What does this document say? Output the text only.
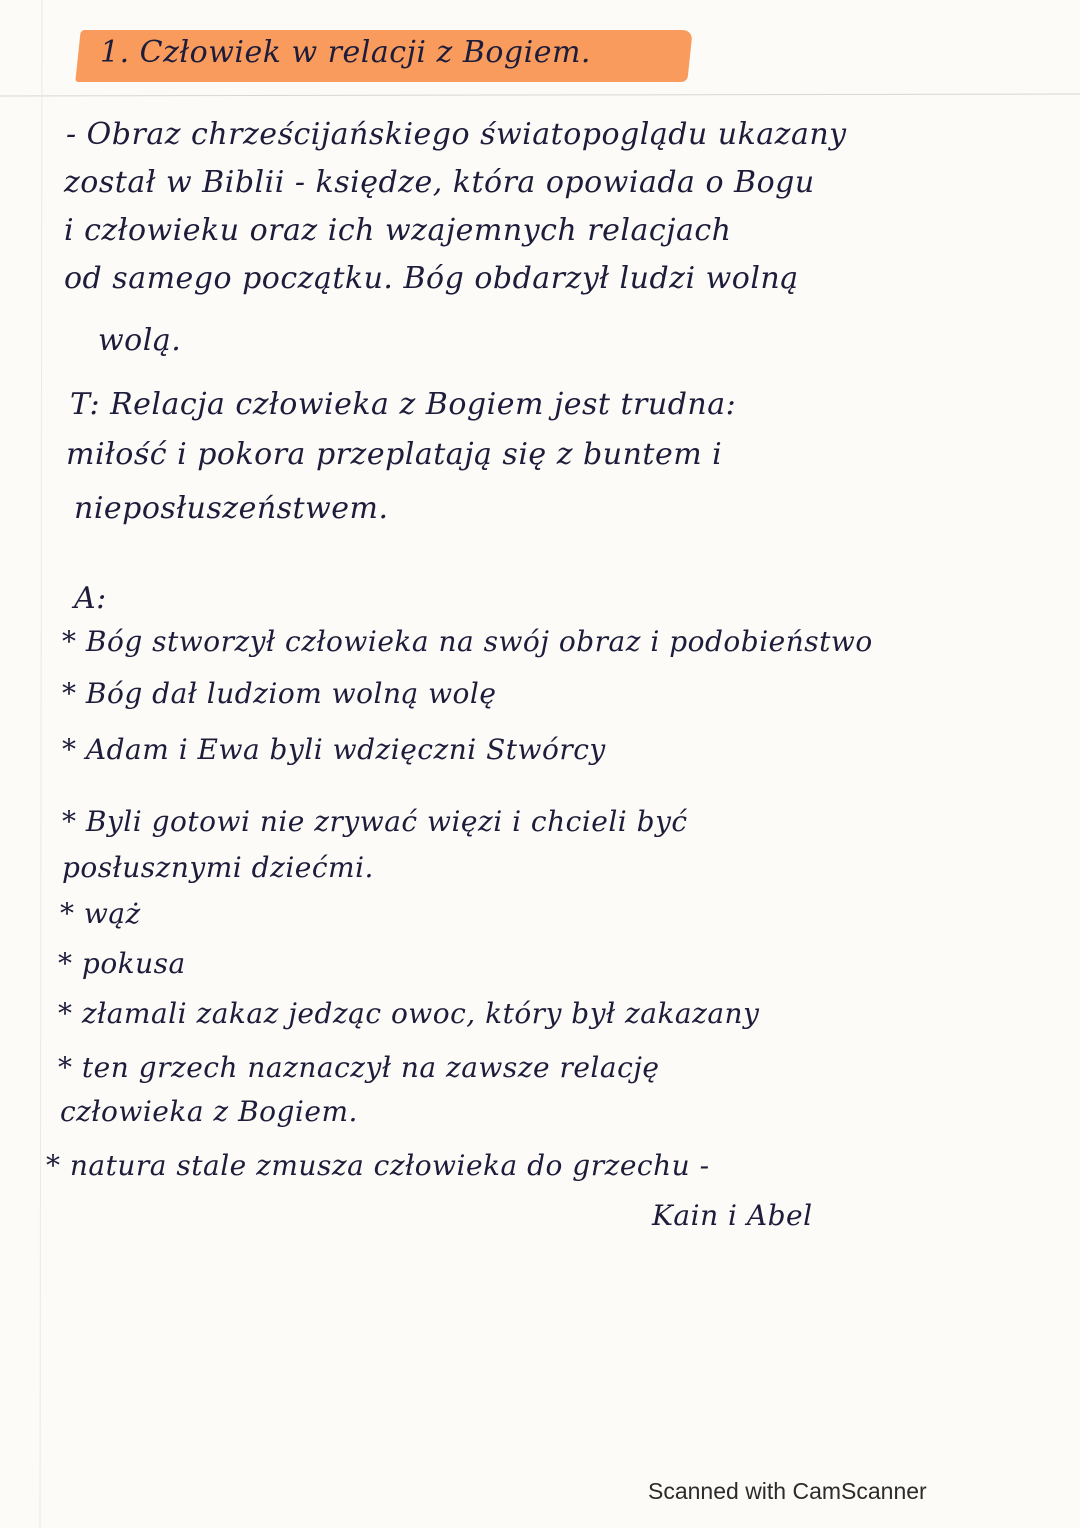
1. Człowiek w relacji z Bogiem.
- Obraz chrześcijańskiego światopoglądu ukazany
został w Biblii - księdze, która opowiada o Bogu
i człowieku oraz ich wzajemnych relacjach
od samego początku. Bóg obdarzył ludzi wolną
wolą.
T: Relacja człowieka z Bogiem jest trudna:
miłość i pokora przeplatają się z buntem i
nieposłuszeństwem.
A:
* Bóg stworzył człowieka na swój obraz i podobieństwo
* Bóg dał ludziom wolną wolę
* Adam i Ewa byli wdzięczni Stwórcy
* Byli gotowi nie zrywać więzi i chcieli być
posłusznymi dziećmi.
* wąż
* pokusa
* złamali zakaz jedząc owoc, który był zakazany
* ten grzech naznaczył na zawsze relację
człowieka z Bogiem.
* natura stale zmusza człowieka do grzechu -
Kain i Abel
Scanned with CamScanner
